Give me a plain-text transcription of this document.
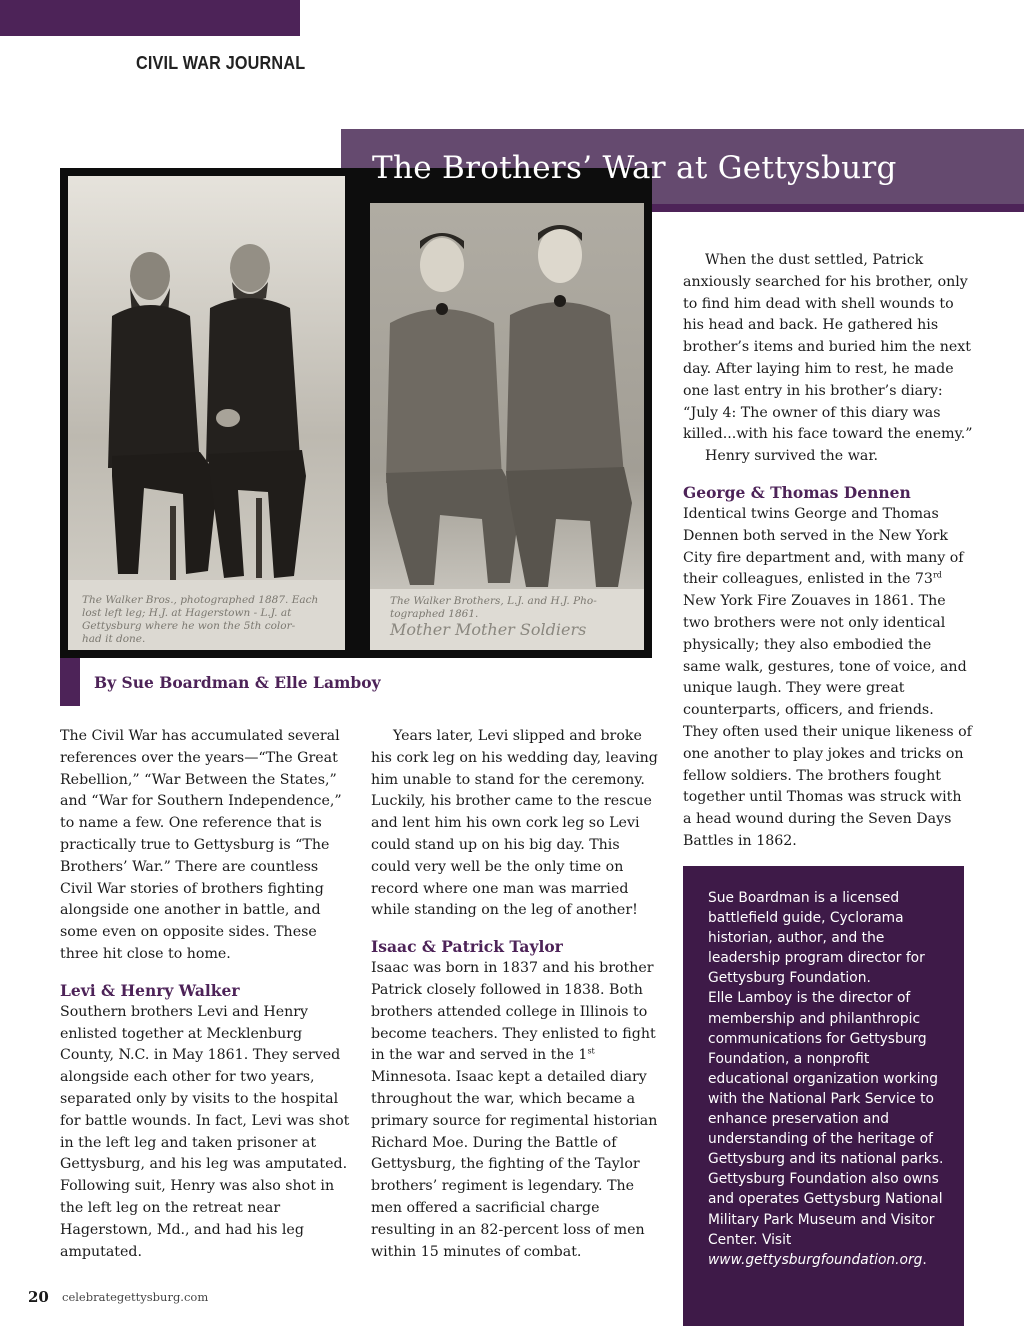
CIVIL WAR JOURNAL
The Walker Bros., photographed 1887. Each
lost left leg; H.J. at Hagerstown - L.J. at
Gettysburg where he won the 5th color-
had it done.
The Walker Brothers, L.J. and H.J. Pho-
tographed 1861.
Mother Mother Soldiers
The Brothers’ War at Gettysburg
By Sue Boardman & Elle Lamboy

The Civil War has accumulated several references over the years—“The Great Rebellion,” “War Between the States,” and “War for Southern Independence,” to name a few. One reference that is practically true to Gettysburg is “The Brothers’ War.” There are countless Civil War stories of brothers fighting alongside one another in battle, and some even on opposite sides. These three hit close to home.

Levi & Henry Walker

Southern brothers Levi and Henry enlisted together at Mecklenburg County, N.C. in May 1861. They served alongside each other for two years, separated only by visits to the hospital for battle wounds. In fact, Levi was shot in the left leg and taken prisoner at Gettysburg, and his leg was amputated. Following suit, Henry was also shot in the left leg on the retreat near Hagerstown, Md., and had his leg amputated.

Years later, Levi slipped and broke his cork leg on his wedding day, leaving him unable to stand for the ceremony. Luckily, his brother came to the rescue and lent him his own cork leg so Levi could stand up on his big day. This could very well be the only time on record where one man was married while standing on the leg of another!

Isaac & Patrick Taylor

Isaac was born in 1837 and his brother Patrick closely followed in 1838. Both brothers attended college in Illinois to become teachers. They enlisted to fight in the war and served in the 1st Minnesota. Isaac kept a detailed diary throughout the war, which became a primary source for regimental historian Richard Moe. During the Battle of Gettysburg, the fighting of the Taylor brothers’ regiment is legendary. The men offered a sacrificial charge resulting in an 82-percent loss of men within 15 minutes of combat.

When the dust settled, Patrick anxiously searched for his brother, only to find him dead with shell wounds to his head and back. He gathered his brother’s items and buried him the next day. After laying him to rest, he made one last entry in his brother’s diary: “July 4: The owner of this diary was killed...with his face toward the enemy.”

Henry survived the war.

George & Thomas Dennen

Identical twins George and Thomas Dennen both served in the New York City fire department and, with many of their colleagues, enlisted in the 73rd New York Fire Zouaves in 1861. The two brothers were not only identical physically; they also embodied the same walk, gestures, tone of voice, and unique laugh. They were great counterparts, officers, and friends. They often used their unique likeness of one another to play jokes and tricks on fellow soldiers. The brothers fought together until Thomas was struck with a head wound during the Seven Days Battles in 1862.

Sue Boardman is a licensed battlefield guide, Cyclorama historian, author, and the leadership program director for Gettysburg Foundation.

Elle Lamboy is the director of membership and philanthropic communications for Gettysburg Foundation, a nonprofit educational organization working with the National Park Service to enhance preservation and understanding of the heritage of Gettysburg and its national parks. Gettysburg Foundation also owns and operates Gettysburg National Military Park Museum and Visitor Center. Visit www.gettysburgfoundation.org.

20 celebrategettysburg.com
